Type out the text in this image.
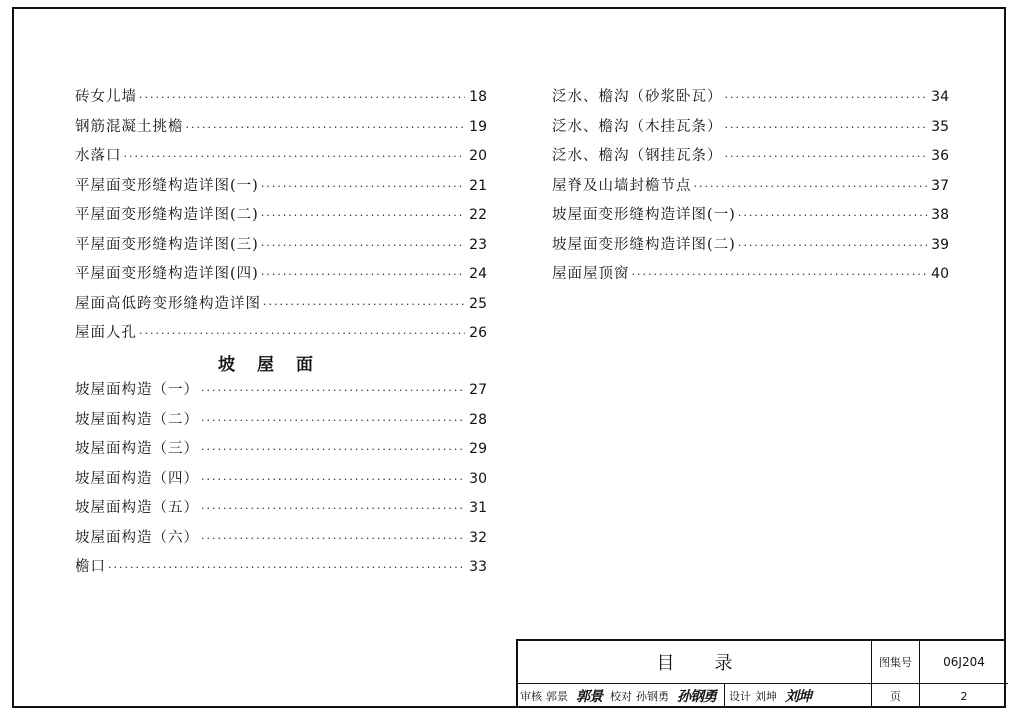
砖女儿墙 ·····	18
钢筋混凝土挑檐 ·····	19
水落口 ·····	20
平屋面变形缝构造详图(一) ·····	21
平屋面变形缝构造详图(二) ·····	22
平屋面变形缝构造详图(三) ·····	23
平屋面变形缝构造详图(四) ·····	24
屋面高低跨变形缝构造详图 ·····	25
屋面人孔 ·····	26
坡屋面
坡屋面构造（一） ·····	27
坡屋面构造（二） ·····	28
坡屋面构造（三） ·····	29
坡屋面构造（四） ·····	30
坡屋面构造（五） ·····	31
坡屋面构造（六） ·····	32
檐口 ·····	33
泛水、檐沟（砂浆卧瓦） ·····	34
泛水、檐沟（木挂瓦条） ·····	35
泛水、檐沟（钢挂瓦条） ·····	36
屋脊及山墙封檐节点 ·····	37
坡屋面变形缝构造详图(一) ·····	38
坡屋面变形缝构造详图(二) ·····	39
屋面屋顶窗 ·····	40
目录	图集号	06J204
审核 郭景 郭景 校对 孙钢勇 孙钢勇	设计 刘坤 刘坤	页	2
